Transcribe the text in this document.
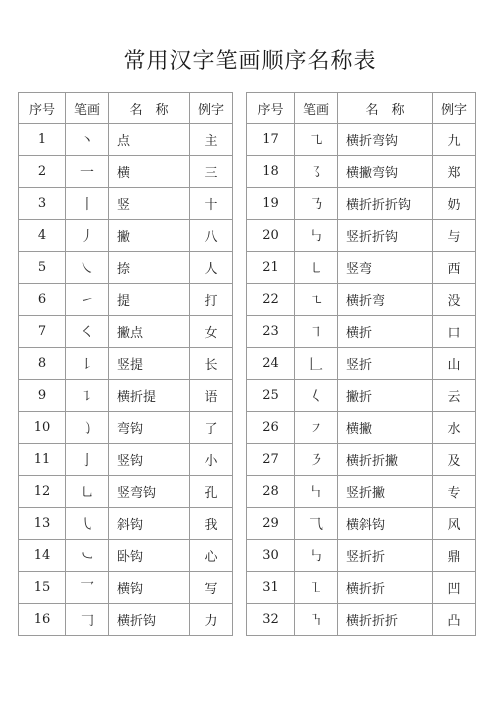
常用汉字笔画顺序名称表
序号	笔画	名　称	例字
1	丶	点	主
2	一	横	三
3	丨	竖	十
4	丿	撇	八
5	㇏	捺	人
6	㇀	提	打
7	㇛	撇点	女
8	㇙	竖提	长
9	㇊	横折提	语
10	㇁	弯钩	了
11	亅	竖钩	小
12	㇟	竖弯钩	孔
13	㇂	斜钩	我
14	㇃	卧钩	心
15	乛	横钩	写
16	𠃌	横折钩	力
序号	笔画	名　称	例字
17	㇈	横折弯钩	九
18	㇌	横撇弯钩	郑
19	㇡	横折折折钩	奶
20	㇉	竖折折钩	与
21	㇄	竖弯	西
22	㇍	横折弯	没
23	㇕	横折	口
24	𠃊	竖折	山
25	𡿨	撇折	云
26	㇇	横撇	水
27	㇋	横折折撇	及
28	㇞	竖折撇	专
29	⺄	横斜钩	风
30	㇉	竖折折	鼎
31	㇅	横折折	凹
32	㇎	横折折折	凸
